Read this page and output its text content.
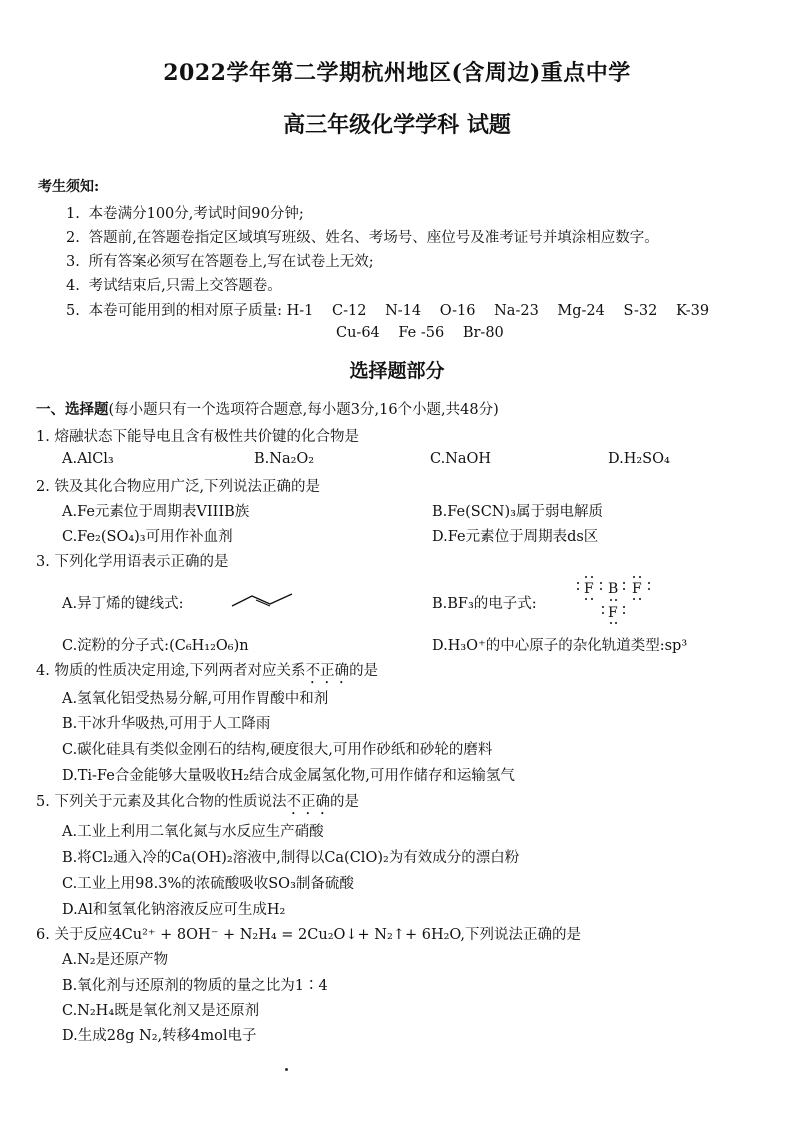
2022学年第二学期杭州地区(含周边)重点中学
高三年级化学学科 试题
考生须知:
1. 本卷满分100分,考试时间90分钟;
2. 答题前,在答题卷指定区域填写班级、姓名、考场号、座位号及准考证号并填涂相应数字。
3. 所有答案必须写在答题卷上,写在试卷上无效;
4. 考试结束后,只需上交答题卷。
5. 本卷可能用到的相对原子质量: H-1 C-12 N-14 O-16 Na-23 Mg-24 S-32 K-39
Cu-64 Fe -56 Br-80
选择题部分
一、选择题(每小题只有一个选项符合题意,每小题3分,16个小题,共48分)
1. 熔融状态下能导电且含有极性共价键的化合物是
A.AlCl₃	B.Na₂O₂	C.NaOH	D.H₂SO₄
2. 铁及其化合物应用广泛,下列说法正确的是
A.Fe元素位于周期表VIIIB族	B.Fe(SCN)₃属于弱电解质
C.Fe₂(SO₄)₃可用作补血剂	D.Fe元素位于周期表ds区
3. 下列化学用语表示正确的是
A.异丁烯的键线式:	B.BF₃的电子式:
F B F
F
C.淀粉的分子式:(C₆H₁₂O₆)n	D.H₃O⁺的中心原子的杂化轨道类型:sp³
4. 物质的性质决定用途,下列两者对应关系不正确的是
A.氢氧化铝受热易分解,可用作胃酸中和剂
B.干冰升华吸热,可用于人工降雨
C.碳化硅具有类似金刚石的结构,硬度很大,可用作砂纸和砂轮的磨料
D.Ti-Fe合金能够大量吸收H₂结合成金属氢化物,可用作储存和运输氢气
5. 下列关于元素及其化合物的性质说法不正确的是
A.工业上利用二氧化氮与水反应生产硝酸
B.将Cl₂通入冷的Ca(OH)₂溶液中,制得以Ca(ClO)₂为有效成分的漂白粉
C.工业上用98.3%的浓硫酸吸收SO₃制备硫酸
D.Al和氢氧化钠溶液反应可生成H₂
6. 关于反应4Cu²⁺ + 8OH⁻ + N₂H₄ = 2Cu₂O↓+ N₂↑+ 6H₂O,下列说法正确的是
A.N₂是还原产物
B.氧化剂与还原剂的物质的量之比为1∶4
C.N₂H₄既是氧化剂又是还原剂
D.生成28g N₂,转移4mol电子
